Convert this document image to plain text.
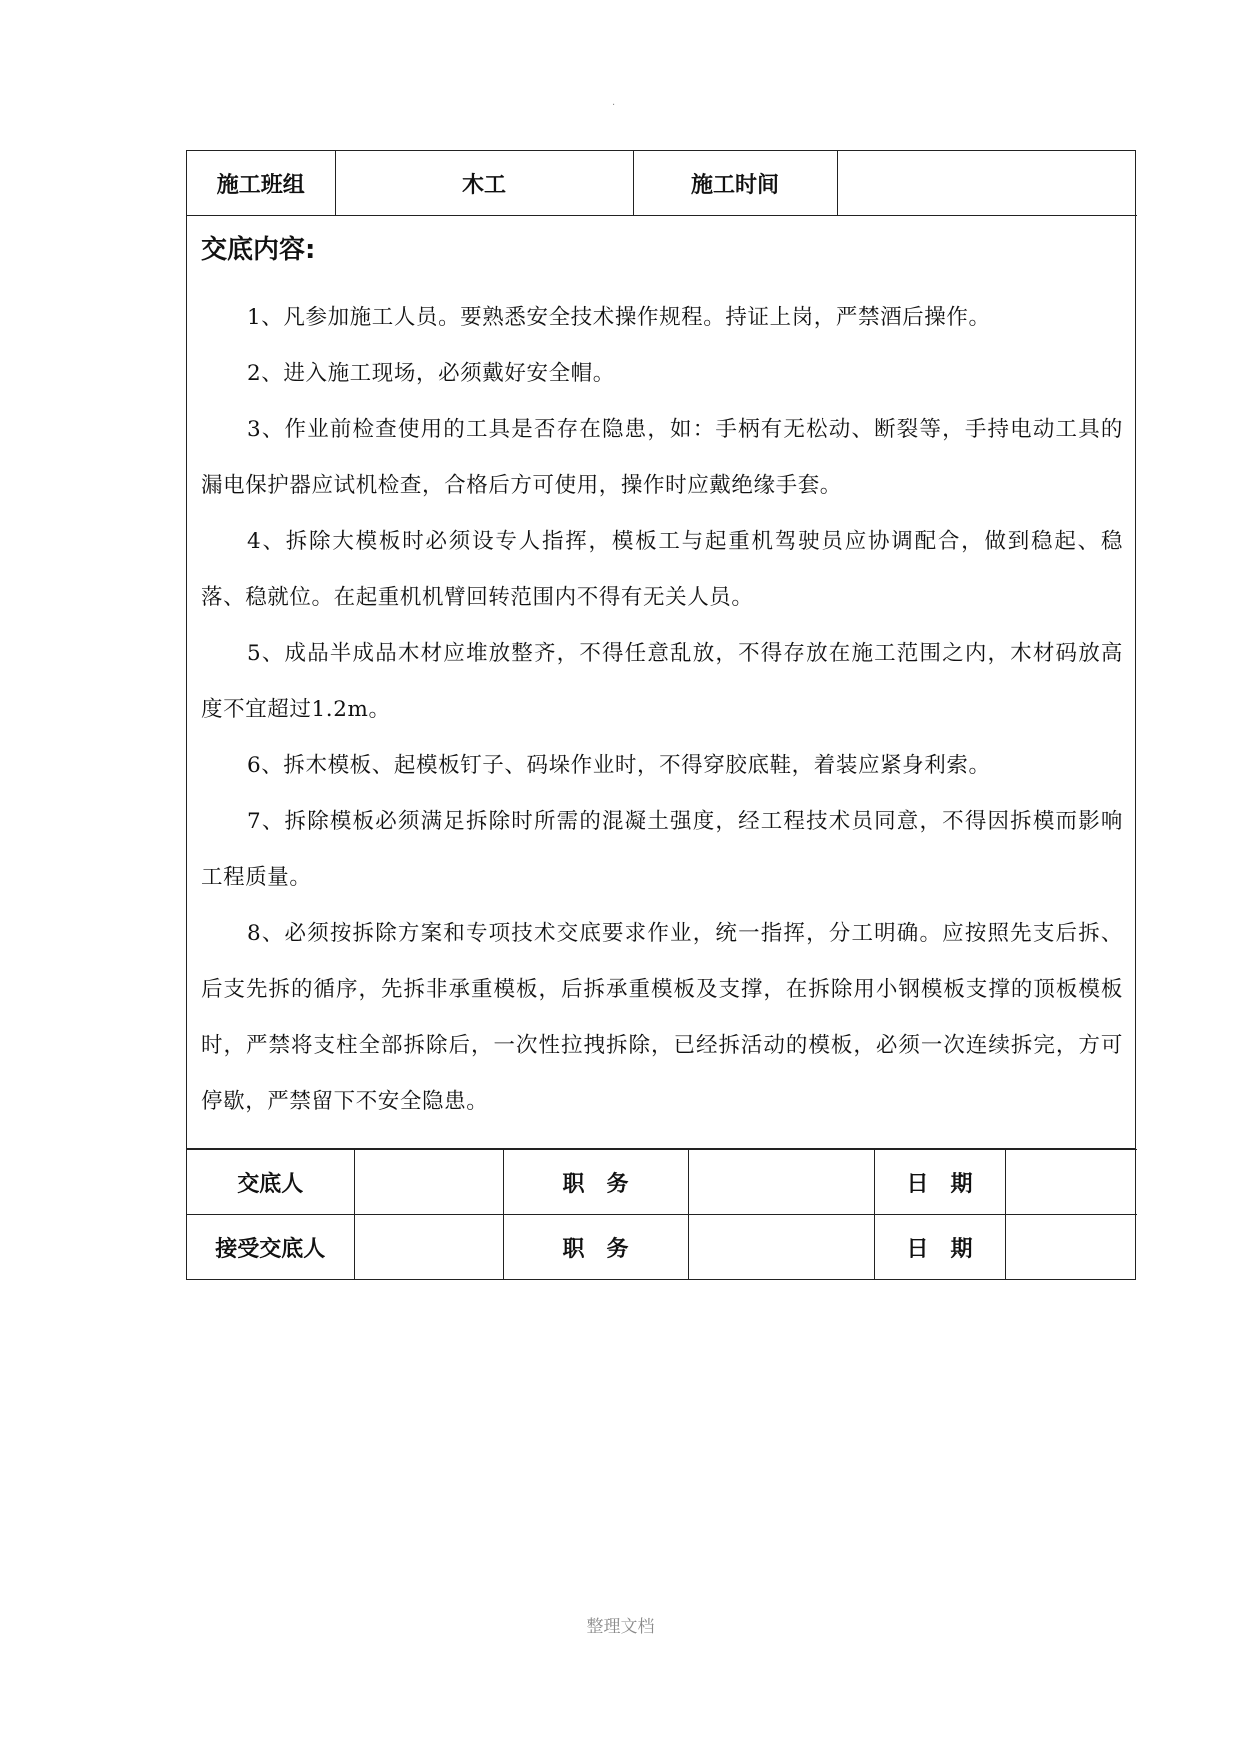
·
施工班组	木工	施工时间	
交底内容:

1、凡参加施工人员。要熟悉安全技术操作规程。持证上岗，严禁酒后操作。

2、进入施工现场，必须戴好安全帽。

3、作业前检查使用的工具是否存在隐患，如：手柄有无松动、断裂等，手持电动工具的漏电保护器应试机检查，合格后方可使用，操作时应戴绝缘手套。

4、拆除大模板时必须设专人指挥，模板工与起重机驾驶员应协调配合，做到稳起、稳落、稳就位。在起重机机臂回转范围内不得有无关人员。

5、成品半成品木材应堆放整齐，不得任意乱放，不得存放在施工范围之内，木材码放高度不宜超过1.2m。

6、拆木模板、起模板钉子、码垛作业时，不得穿胶底鞋，着装应紧身利索。

7、拆除模板必须满足拆除时所需的混凝土强度，经工程技术员同意，不得因拆模而影响工程质量。

8、必须按拆除方案和专项技术交底要求作业，统一指挥，分工明确。应按照先支后拆、后支先拆的循序，先拆非承重模板，后拆承重模板及支撑，在拆除用小钢模板支撑的顶板模板时，严禁将支柱全部拆除后，一次性拉拽拆除，已经拆活动的模板，必须一次连续拆完，方可停歇，严禁留下不安全隐患。

交底人		职务		日期	
接受交底人		职务		日期	
整理文档
